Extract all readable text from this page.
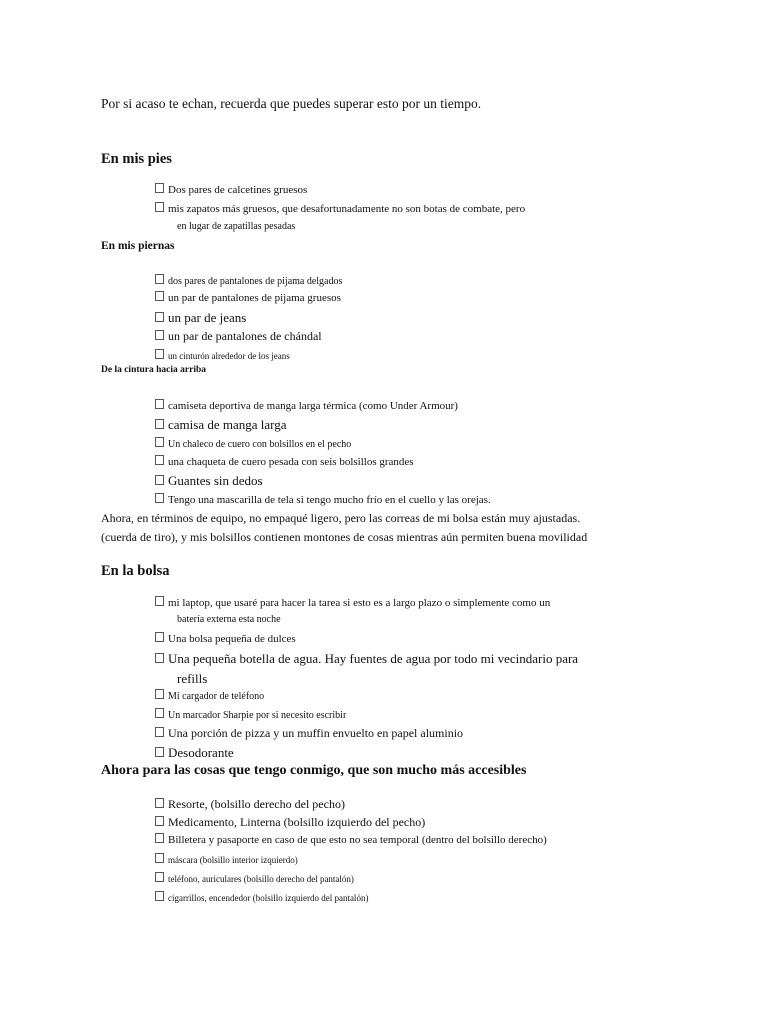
Por si acaso te echan, recuerda que puedes superar esto por un tiempo.
En mis pies
Dos pares de calcetines gruesos
mis zapatos más gruesos, que desafortunadamente no son botas de combate, pero
en lugar de zapatillas pesadas
En mis piernas
dos pares de pantalones de pijama delgados
un par de pantalones de pijama gruesos
un par de jeans
un par de pantalones de chándal
un cinturón alrededor de los jeans
De la cintura hacia arriba
camiseta deportiva de manga larga térmica (como Under Armour)
camisa de manga larga
Un chaleco de cuero con bolsillos en el pecho
una chaqueta de cuero pesada con seis bolsillos grandes
Guantes sin dedos
Tengo una mascarilla de tela si tengo mucho frío en el cuello y las orejas.
Ahora, en términos de equipo, no empaqué ligero, pero las correas de mi bolsa están muy ajustadas.
(cuerda de tiro), y mis bolsillos contienen montones de cosas mientras aún permiten buena movilidad
En la bolsa
mi laptop, que usaré para hacer la tarea si esto es a largo plazo o simplemente como un
batería externa esta noche
Una bolsa pequeña de dulces
Una pequeña botella de agua. Hay fuentes de agua por todo mi vecindario para
refills
Mi cargador de teléfono
Un marcador Sharpie por si necesito escribir
Una porción de pizza y un muffin envuelto en papel aluminio
Desodorante
Ahora para las cosas que tengo conmigo, que son mucho más accesibles
Resorte, (bolsillo derecho del pecho)
Medicamento, Linterna (bolsillo izquierdo del pecho)
Billetera y pasaporte en caso de que esto no sea temporal (dentro del bolsillo derecho)
máscara (bolsillo interior izquierdo)
teléfono, auriculares (bolsillo derecho del pantalón)
cigarrillos, encendedor (bolsillo izquierdo del pantalón)
